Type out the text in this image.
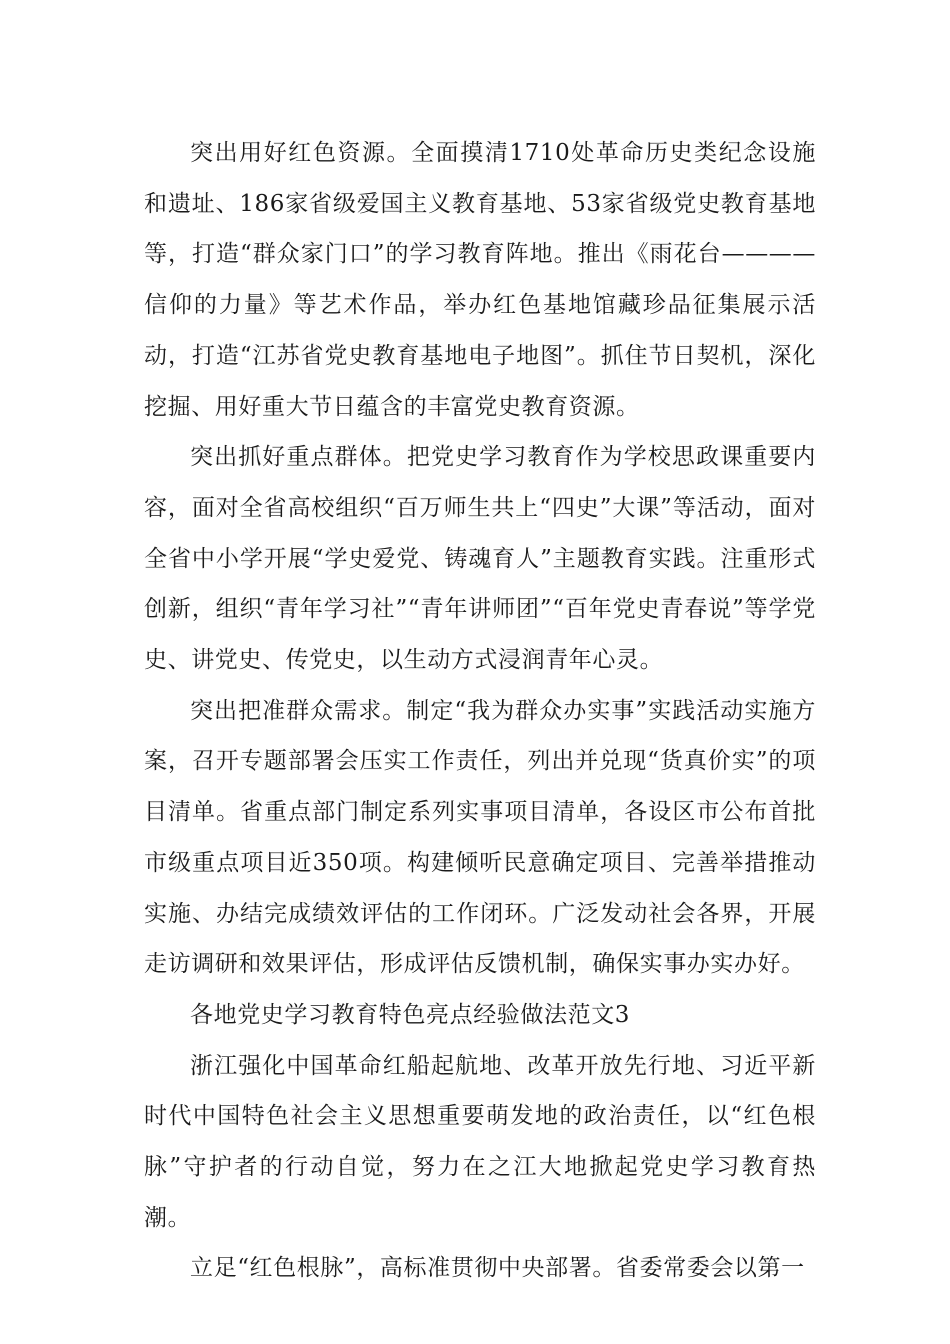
突出用好红色资源。全面摸清1710处革命历史类纪念设施和遗址、186家省级爱国主义教育基地、53家省级党史教育基地等，打造“群众家门口”的学习教育阵地。推出《雨花台————信仰的力量》等艺术作品，举办红色基地馆藏珍品征集展示活动，打造“江苏省党史教育基地电子地图”。抓住节日契机，深化挖掘、用好重大节日蕴含的丰富党史教育资源。

突出抓好重点群体。把党史学习教育作为学校思政课重要内容，面对全省高校组织“百万师生共上“四史”大课”等活动，面对全省中小学开展“学史爱党、铸魂育人”主题教育实践。注重形式创新，组织“青年学习社”“青年讲师团”“百年党史青春说”等学党史、讲党史、传党史，以生动方式浸润青年心灵。

突出把准群众需求。制定“我为群众办实事”实践活动实施方案，召开专题部署会压实工作责任，列出并兑现“货真价实”的项目清单。省重点部门制定系列实事项目清单，各设区市公布首批市级重点项目近350项。构建倾听民意确定项目、完善举措推动实施、办结完成绩效评估的工作闭环。广泛发动社会各界，开展走访调研和效果评估，形成评估反馈机制，确保实事办实办好。

各地党史学习教育特色亮点经验做法范文3

浙江强化中国革命红船起航地、改革开放先行地、习近平新时代中国特色社会主义思想重要萌发地的政治责任，以“红色根脉”守护者的行动自觉，努力在之江大地掀起党史学习教育热潮。

立足“红色根脉”，高标准贯彻中央部署。省委常委会以第一
